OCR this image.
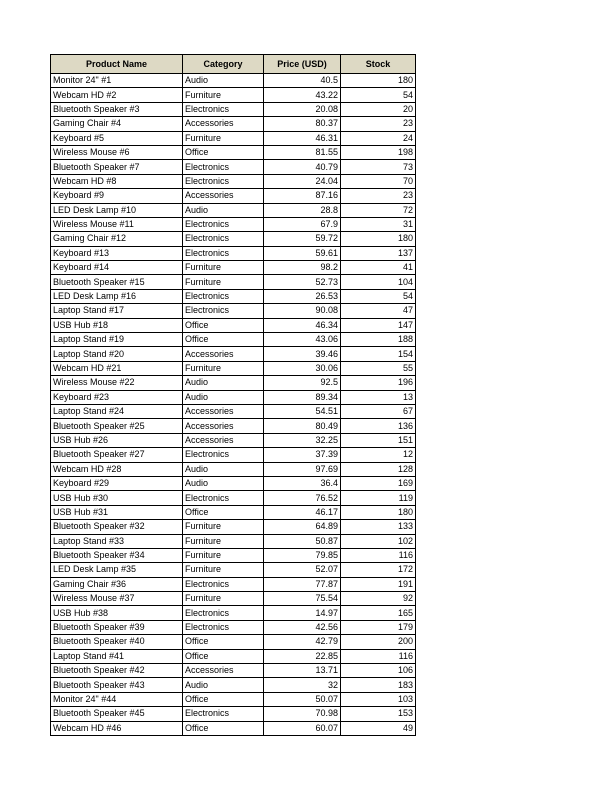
Product Name	Category	Price (USD)	Stock
Monitor 24" #1	Audio	40.5	180
Webcam HD #2	Furniture	43.22	54
Bluetooth Speaker #3	Electronics	20.08	20
Gaming Chair #4	Accessories	80.37	23
Keyboard #5	Furniture	46.31	24
Wireless Mouse #6	Office	81.55	198
Bluetooth Speaker #7	Electronics	40.79	73
Webcam HD #8	Electronics	24.04	70
Keyboard #9	Accessories	87.16	23
LED Desk Lamp #10	Audio	28.8	72
Wireless Mouse #11	Electronics	67.9	31
Gaming Chair #12	Electronics	59.72	180
Keyboard #13	Electronics	59.61	137
Keyboard #14	Furniture	98.2	41
Bluetooth Speaker #15	Furniture	52.73	104
LED Desk Lamp #16	Electronics	26.53	54
Laptop Stand #17	Electronics	90.08	47
USB Hub #18	Office	46.34	147
Laptop Stand #19	Office	43.06	188
Laptop Stand #20	Accessories	39.46	154
Webcam HD #21	Furniture	30.06	55
Wireless Mouse #22	Audio	92.5	196
Keyboard #23	Audio	89.34	13
Laptop Stand #24	Accessories	54.51	67
Bluetooth Speaker #25	Accessories	80.49	136
USB Hub #26	Accessories	32.25	151
Bluetooth Speaker #27	Electronics	37.39	12
Webcam HD #28	Audio	97.69	128
Keyboard #29	Audio	36.4	169
USB Hub #30	Electronics	76.52	119
USB Hub #31	Office	46.17	180
Bluetooth Speaker #32	Furniture	64.89	133
Laptop Stand #33	Furniture	50.87	102
Bluetooth Speaker #34	Furniture	79.85	116
LED Desk Lamp #35	Furniture	52.07	172
Gaming Chair #36	Electronics	77.87	191
Wireless Mouse #37	Furniture	75.54	92
USB Hub #38	Electronics	14.97	165
Bluetooth Speaker #39	Electronics	42.56	179
Bluetooth Speaker #40	Office	42.79	200
Laptop Stand #41	Office	22.85	116
Bluetooth Speaker #42	Accessories	13.71	106
Bluetooth Speaker #43	Audio	32	183
Monitor 24" #44	Office	50.07	103
Bluetooth Speaker #45	Electronics	70.98	153
Webcam HD #46	Office	60.07	49
